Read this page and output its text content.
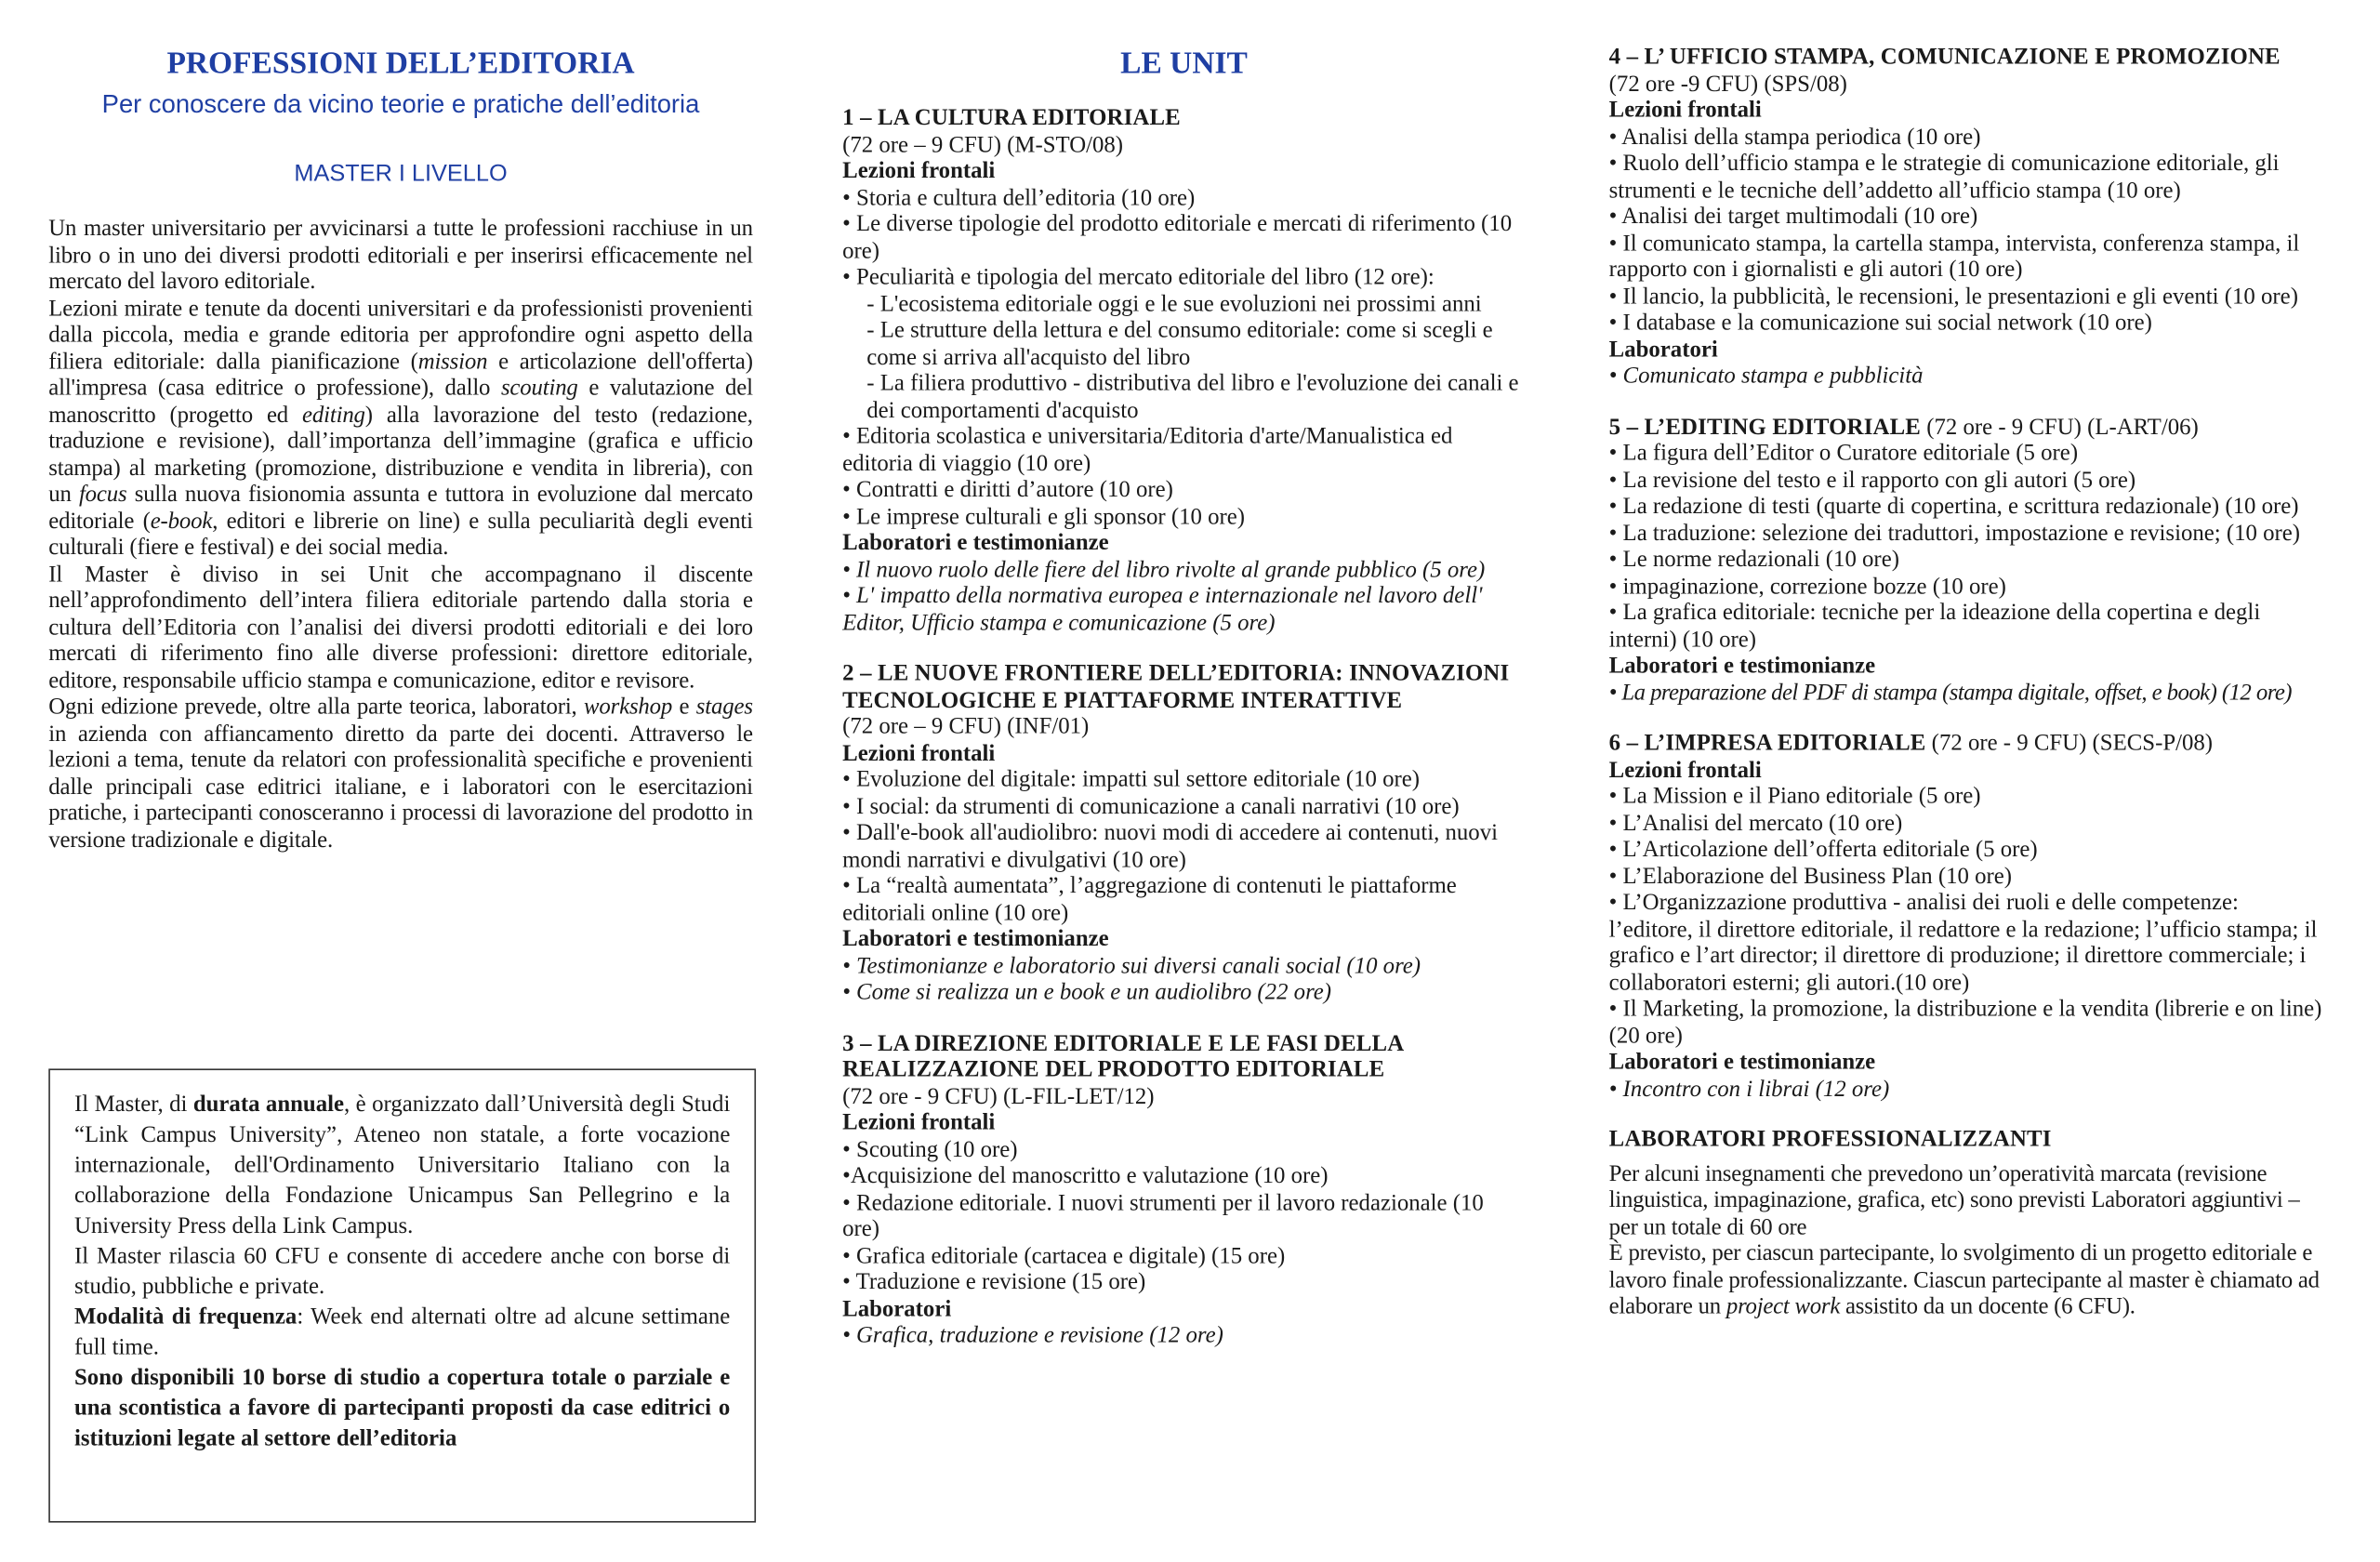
PROFESSIONI DELL’EDITORIA
Per conoscere da vicino teorie e pratiche dell’editoria
MASTER I LIVELLO

Un master universitario per avvicinarsi a tutte le professioni racchiuse in un libro o in uno dei diversi prodotti editoriali e per inserirsi efficacemente nel mercato del lavoro editoriale.

Lezioni mirate e tenute da docenti universitari e da professionisti provenienti dalla piccola, media e grande editoria per approfondire ogni aspetto della filiera editoriale: dalla pianificazione (mission e articolazione dell'offerta) all'impresa (casa editrice o professione), dallo scouting e valutazione del manoscritto (progetto ed editing) alla lavorazione del testo (redazione, traduzione e revisione), dall’importanza dell’immagine (grafica e ufficio stampa) al marketing (promozione, distribuzione e vendita in libreria), con un focus sulla nuova fisionomia assunta e tuttora in evoluzione dal mercato editoriale (e-book, editori e librerie on line) e sulla peculiarità degli eventi culturali (fiere e festival) e dei social media.

Il Master è diviso in sei Unit che accompagnano il discente nell’approfondimento dell’intera filiera editoriale partendo dalla storia e cultura dell’Editoria con l’analisi dei diversi prodotti editoriali e dei loro mercati di riferimento fino alle diverse professioni: direttore editoriale, editore, responsabile ufficio stampa e comunicazione, editor e revisore.

Ogni edizione prevede, oltre alla parte teorica, laboratori, workshop e stages in azienda con affiancamento diretto da parte dei docenti. Attraverso le lezioni a tema, tenute da relatori con professionalità specifiche e provenienti dalle principali case editrici italiane, e i laboratori con le esercitazioni pratiche, i partecipanti conosceranno i processi di lavorazione del prodotto in versione tradizionale e digitale.

Il Master, di durata annuale, è organizzato dall’Università degli Studi “Link Campus University”, Ateneo non statale, a forte vocazione internazionale, dell'Ordinamento Universitario Italiano con la collaborazione della Fondazione Unicampus San Pellegrino e la University Press della Link Campus.

Il Master rilascia 60 CFU e consente di accedere anche con borse di studio, pubbliche e private.

Modalità di frequenza: Week end alternati oltre ad alcune settimane full time.

Sono disponibili 10 borse di studio a copertura totale o parziale e una scontistica a favore di partecipanti proposti da case editrici o istituzioni legate al settore dell’editoria

LE UNIT
1 – LA CULTURA EDITORIALE
(72 ore – 9 CFU) (M-STO/08)
Lezioni frontali

• Storia e cultura dell’editoria (10 ore)

• Le diverse tipologie del prodotto editoriale e mercati di riferimento (10 ore)

• Peculiarità e tipologia del mercato editoriale del libro (12 ore):

- L'ecosistema editoriale oggi e le sue evoluzioni nei prossimi anni

- Le strutture della lettura e del consumo editoriale: come si scegli e come si arriva all'acquisto del libro

- La filiera produttivo - distributiva del libro e l'evoluzione dei canali e dei comportamenti d'acquisto

• Editoria scolastica e universitaria/Editoria d'arte/Manualistica ed editoria di viaggio (10 ore)

• Contratti e diritti d’autore (10 ore)

• Le imprese culturali e gli sponsor (10 ore)

Laboratori e testimonianze

• Il nuovo ruolo delle fiere del libro rivolte al grande pubblico (5 ore)

• L' impatto della normativa europea e internazionale nel lavoro dell' Editor, Ufficio stampa e comunicazione (5 ore)

2 – LE NUOVE FRONTIERE DELL’EDITORIA: INNOVAZIONI TECNOLOGICHE E PIATTAFORME INTERATTIVE
(72 ore – 9 CFU) (INF/01)
Lezioni frontali

• Evoluzione del digitale: impatti sul settore editoriale (10 ore)

• I social: da strumenti di comunicazione a canali narrativi (10 ore)

• Dall'e-book all'audiolibro: nuovi modi di accedere ai contenuti, nuovi mondi narrativi e divulgativi (10 ore)

• La “realtà aumentata”, l’aggregazione di contenuti le piattaforme editoriali online (10 ore)

Laboratori e testimonianze

• Testimonianze e laboratorio sui diversi canali social (10 ore)

• Come si realizza un e book e un audiolibro (22 ore)

3 – LA DIREZIONE EDITORIALE E LE FASI DELLA REALIZZAZIONE DEL PRODOTTO EDITORIALE
(72 ore - 9 CFU) (L-FIL-LET/12)
Lezioni frontali

• Scouting (10 ore)

•Acquisizione del manoscritto e valutazione (10 ore)

• Redazione editoriale. I nuovi strumenti per il lavoro redazionale (10 ore)

• Grafica editoriale (cartacea e digitale) (15 ore)

• Traduzione e revisione (15 ore)

Laboratori

• Grafica, traduzione e revisione (12 ore)

4 – L’ UFFICIO STAMPA, COMUNICAZIONE E PROMOZIONE
(72 ore -9 CFU) (SPS/08)
Lezioni frontali

• Analisi della stampa periodica (10 ore)

• Ruolo dell’ufficio stampa e le strategie di comunicazione editoriale, gli strumenti e le tecniche dell’addetto all’ufficio stampa (10 ore)

• Analisi dei target multimodali (10 ore)

• Il comunicato stampa, la cartella stampa, intervista, conferenza stampa, il rapporto con i giornalisti e gli autori (10 ore)

• Il lancio, la pubblicità, le recensioni, le presentazioni e gli eventi (10 ore)

• I database e la comunicazione sui social network (10 ore)

Laboratori

• Comunicato stampa e pubblicità

5 – L’EDITING EDITORIALE (72 ore - 9 CFU) (L-ART/06)

• La figura dell’Editor o Curatore editoriale (5 ore)

• La revisione del testo e il rapporto con gli autori (5 ore)

• La redazione di testi (quarte di copertina, e scrittura redazionale) (10 ore)

• La traduzione: selezione dei traduttori, impostazione e revisione; (10 ore)

• Le norme redazionali (10 ore)

• impaginazione, correzione bozze (10 ore)

• La grafica editoriale: tecniche per la ideazione della copertina e degli interni) (10 ore)

Laboratori e testimonianze

• La preparazione del PDF di stampa (stampa digitale, offset, e book) (12 ore)

6 – L’IMPRESA EDITORIALE (72 ore - 9 CFU) (SECS-P/08)
Lezioni frontali

• La Mission e il Piano editoriale (5 ore)

• L’Analisi del mercato (10 ore)

• L’Articolazione dell’offerta editoriale (5 ore)

• L’Elaborazione del Business Plan (10 ore)

• L’Organizzazione produttiva - analisi dei ruoli e delle competenze: l’editore, il direttore editoriale, il redattore e la redazione; l’ufficio stampa; il grafico e l’art director; il direttore di produzione; il direttore commerciale; i collaboratori esterni; gli autori.(10 ore)

• Il Marketing, la promozione, la distribuzione e la vendita (librerie e on line) (20 ore)

Laboratori e testimonianze

• Incontro con i librai (12 ore)

LABORATORI PROFESSIONALIZZANTI

Per alcuni insegnamenti che prevedono un’operatività marcata (revisione linguistica, impaginazione, grafica, etc) sono previsti Laboratori aggiuntivi – per un totale di 60 ore

È previsto, per ciascun partecipante, lo svolgimento di un progetto editoriale e lavoro finale professionalizzante. Ciascun partecipante al master è chiamato ad elaborare un project work assistito da un docente (6 CFU).
